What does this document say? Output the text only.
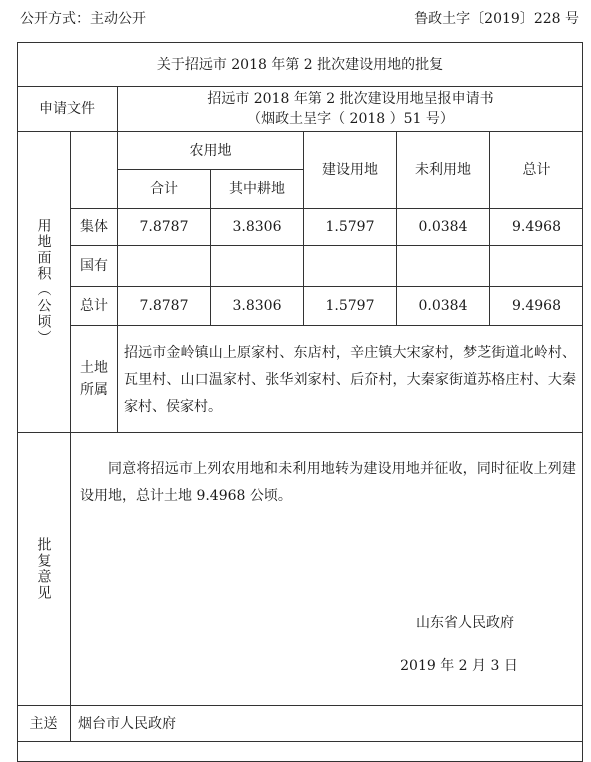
公开方式：主动公开	鲁政土字〔2019〕228 号
关于招远市 2018 年第 2 批次建设用地的批复
申请文件
招远市 2018 年第 2 批次建设用地呈报申请书
（烟政土呈字（ 2018 ）51 号）
用地面积（公顷）
农用地
合计	其中耕地
建设用地	未利用地	总计
集体	7.8787	3.8306	1.5797	0.0384	9.4968
国有
总计	7.8787	3.8306	1.5797	0.0384	9.4968
土地所属
招远市金岭镇山上原家村、东店村，辛庄镇大宋家村，梦芝街道北岭村、瓦里村、山口温家村、张华刘家村、后夼村，大秦家街道苏格庄村、大秦家村、侯家村。
批复意见
同意将招远市上列农用地和未利用地转为建设用地并征收，同时征收上列建设用地，总计土地 9.4968 公顷。
山东省人民政府
2019 年 2 月 3 日
主送	烟台市人民政府
